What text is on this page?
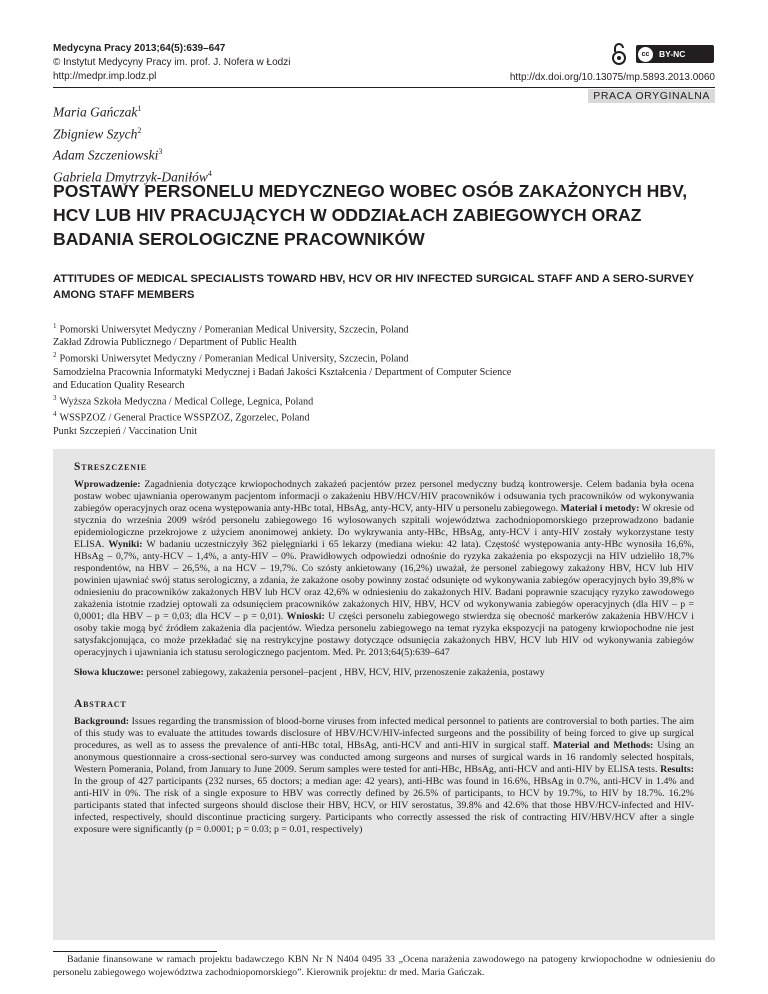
Medycyna Pracy 2013;64(5):639–647
© Instytut Medycyny Pracy im. prof. J. Nofera w Łodzi
http://medpr.imp.lodz.pl
cc	BY-NC
http://dx.doi.org/10.13075/mp.5893.2013.0060
PRACA ORYGINALNA
Maria Gańczak$^1$
Zbigniew Szych$^2$
Adam Szczeniowski$^3$
Gabriela Dmytrzyk-Daniłów$^4$
POSTAWY PERSONELU MEDYCZNEGO WOBEC OSÓB ZAKAŻONYCH HBV, HCV LUB HIV PRACUJĄCYCH W ODDZIAŁACH ZABIEGOWYCH ORAZ BADANIA SEROLOGICZNE PRACOWNIKÓW
ATTITUDES OF MEDICAL SPECIALISTS TOWARD HBV, HCV OR HIV INFECTED SURGICAL STAFF AND A SERO-SURVEY AMONG STAFF MEMBERS
$^1$ Pomorski Uniwersytet Medyczny / Pomeranian Medical University, Szczecin, Poland
Zakład Zdrowia Publicznego / Department of Public Health
$^2$ Pomorski Uniwersytet Medyczny / Pomeranian Medical University, Szczecin, Poland
Samodzielna Pracownia Informatyki Medycznej i Badań Jakości Kształcenia / Department of Computer Science
and Education Quality Research
$^3$ Wyższa Szkoła Medyczna / Medical College, Legnica, Poland
$^4$ WSSPZOZ / General Practice WSSPZOZ, Zgorzelec, Poland
Punkt Szczepień / Vaccination Unit
Streszczenie

Wprowadzenie: Zagadnienia dotyczące krwiopochodnych zakażeń pacjentów przez personel medyczny budzą kontrowersje. Celem badania była ocena postaw wobec ujawniania operowanym pacjentom informacji o zakażeniu HBV/HCV/HIV pracowników i odsuwania tych pracowników od wykonywania zabiegów operacyjnych oraz ocena występowania anty-HBc total, HBsAg, anty-HCV, anty-HIV u personelu zabiegowego. Materiał i metody: W okresie od stycznia do września 2009 wśród personelu zabiegowego 16 wylosowanych szpitali województwa zachodniopomorskiego przeprowadzono badanie epidemiologiczne przekrojowe z użyciem anonimowej ankiety. Do wykrywania anty-HBc, HBsAg, anty-HCV i anty-HIV zostały wykorzystane testy ELISA. Wyniki: W badaniu uczestniczyły 362 pielęgniarki i 65 lekarzy (mediana wieku: 42 lata). Częstość występowania anty-HBc wynosiła 16,6%, HBsAg – 0,7%, anty-HCV – 1,4%, a anty-HIV – 0%. Prawidłowych odpowiedzi odnośnie do ryzyka zakażenia po ekspozycji na HIV udzieliło 18,7% respondentów, na HBV – 26,5%, a na HCV – 19,7%. Co szósty ankietowany (16,2%) uważał, że personel zabiegowy zakażony HBV, HCV lub HIV powinien ujawniać swój status serologiczny, a zdania, że zakażone osoby powinny zostać odsunięte od wykonywania zabiegów operacyjnych było 39,8% w odniesieniu do pracowników zakażonych HBV lub HCV oraz 42,6% w odniesieniu do zakażonych HIV. Badani poprawnie szacujący ryzyko zawodowego zakażenia istotnie rzadziej optowali za odsunięciem pracowników zakażonych HIV, HBV, HCV od wykonywania zabiegów operacyjnych (dla HIV – p = 0,0001; dla HBV – p = 0,03; dla HCV – p = 0,01). Wnioski: U części personelu zabiegowego stwierdza się obecność markerów zakażenia HBV/HCV i osoby takie mogą być źródłem zakażenia dla pacjentów. Wiedza personelu zabiegowego na temat ryzyka ekspozycji na patogeny krwiopochodne nie jest satysfakcjonująca, co może przekładać się na restrykcyjne postawy dotyczące odsunięcia zakażonych HBV, HCV lub HIV od wykonywania zabiegów operacyjnych i ujawniania ich statusu serologicznego pacjentom. Med. Pr. 2013;64(5):639–647

Słowa kluczowe: personel zabiegowy, zakażenia personel–pacjent , HBV, HCV, HIV, przenoszenie zakażenia, postawy

Abstract

Background: Issues regarding the transmission of blood-borne viruses from infected medical personnel to patients are controversial to both parties. The aim of this study was to evaluate the attitudes towards disclosure of HBV/HCV/HIV-infected surgeons and the possibility of being forced to give up surgical procedures, as well as to assess the prevalence of anti-HBc total, HBsAg, anti-HCV and anti-HIV in surgical staff. Material and Methods: Using an anonymous questionnaire a cross-sectional sero-survey was conducted among surgeons and nurses of surgical wards in 16 randomly selected hospitals, Western Pomerania, Poland, from January to June 2009. Serum samples were tested for anti-HBc, HBsAg, anti-HCV and anti-HIV by ELISA tests. Results: In the group of 427 participants (232 nurses, 65 doctors; a median age: 42 years), anti-HBc was found in 16.6%, HBsAg in 0.7%, anti-HCV in 1.4% and anti-HIV in 0%. The risk of a single exposure to HBV was correctly defined by 26.5% of participants, to HCV by 19.7%, to HIV by 18.7%. 16.2% participants stated that infected surgeons should disclose their HBV, HCV, or HIV serostatus, 39.8% and 42.6% that those HBV/HCV-infected and HIV-infected, respectively, should discontinue practicing surgery. Participants who correctly assessed the risk of contracting HIV/HBV/HCV after a single exposure were significantly (p = 0.0001; p = 0.03; p = 0.01, respectively)

Badanie finansowane w ramach projektu badawczego KBN Nr N N404 0495 33 „Ocena narażenia zawodowego na patogeny krwiopochodne w odniesieniu do personelu zabiegowego województwa zachodniopomorskiego”. Kierownik projektu: dr med. Maria Gańczak.
